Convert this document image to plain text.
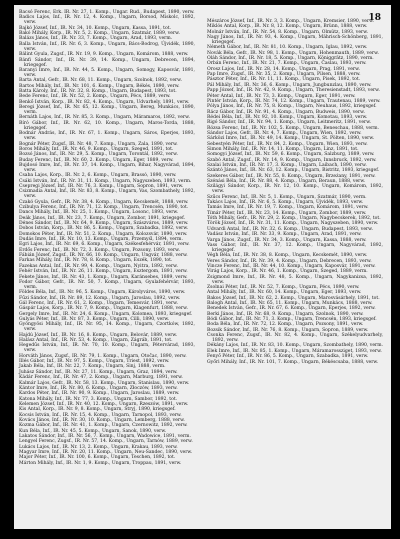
18
Bacsó Ferenc, Erk. IR. Nr. 27, 1. Komp., Ungar. Rud., Budapest, 1890, verw.
Badics Lajos, Inf., IR. Nr. 12, 4. Komp., Ungarn, Borsod, Miskolc, 1892, verw.
Bajkó József, Inf., IR. Nr. 34, 10. Komp., Ungarn, Kassa, 1891, tot.
Bakó Mihály, Korp., IR. Nr. 5, 2. Komp., Ungarn, Szatmár, 1889, verw.
Balázs János, Inf., IR. Nr. 33, 7. Komp., Ungarn, Arad, 1893, verm.
Balla István, Inf., IR. Nr. 6, 3. Komp., Ungarn, Bács-Bodrog, Újvidék, 1890, verw.
Bálint Gyula, Zugsf., IR. Nr. 19, 9. Komp., Ungarn, Komárom, 1888, verw.
Bánfi Sándor, Inf., IR. Nr. 39, 14. Komp., Ungarn, Debrecen, 1894, kriegsgef.
Baranyi Imre, Inf., IR. Nr. 44, 5. Komp., Ungarn, Somogy, Kaposvár, 1891, verw.
Barta Antal, Gefr., IR. Nr. 68, 11. Komp., Ungarn, Szolnok, 1892, verw.
Bartos Mihály, Inf., IR. Nr. 101, 6. Komp., Ungarn, Békés, 1890, verw.
Batta Károly, Inf., IR. Nr. 32, 8. Komp., Ungarn, Budapest, 1893, tot.
Bede Ferenc, Inf., IR. Nr. 52, 2. Komp., Ungarn, Pécs, 1889, verw.
Benkő István, Korp., IR. Nr. 82, 4. Komp., Ungarn, Udvarhely, 1891, verw.
Beregi József, Inf., IR. Nr. 65, 12. Komp., Ungarn, Bereg, Munkács, 1890, verm.
Bernáth Lajos, Inf., IR. Nr. 85, 3. Komp., Ungarn, Máramaros, 1892, verw.
Bíró Gábor, Inf., IR. Nr. 62, 10. Komp., Ungarn, Maros-Torda, 1888, kriegsgef.
Bodnár András, Inf., IR. Nr. 67, 1. Komp., Ungarn, Sáros, Eperjes, 1893, verw.
Bognár Péter, Zugsf., IR. Nr. 48, 7. Komp., Ungarn, Zala, 1890, verw.
Boros Mihály, Inf., IR. Nr. 46, 9. Komp., Ungarn, Szeged, 1891, tot.
Bozsó János, Inf., IR. Nr. 29, 5. Komp., Ungarn, Torontál, 1892, verw.
Buday Ferenc, Inf., IR. Nr. 60, 2. Komp., Ungarn, Eger, 1889, verw.
Bujdosó Imre, Inf., IR. Nr. 37, 14. Komp., Ungarn, Bihar, Nagyvárad, 1894, verw.
Csaba Lajos, Korp., IR. Nr. 2, 6. Komp., Ungarn, Brassó, 1890, verw.
Csáki István, Inf., IR. Nr. 31, 11. Komp., Ungarn, Nagyszeben, 1893, verm.
Csepregi József, Inf., IR. Nr. 76, 3. Komp., Ungarn, Sopron, 1891, verw.
Csizmadia Antal, Inf., IR. Nr. 83, 8. Komp., Ungarn, Vas, Szombathely, 1892, verw.
Czakó Gyula, Gefr., IR. Nr. 38, 4. Komp., Ungarn, Kecskemét, 1888, verw.
Czibulya Ferenc, Inf., IR. Nr. 71, 12. Komp., Ungarn, Trencsén, 1890, tot.
Dancs Mihály, Inf., IR. Nr. 25, 1. Komp., Ungarn, Losonc, 1893, verw.
Deák János, Inf., IR. Nr. 23, 7. Komp., Ungarn, Zombor, 1891, kriegsgef.
Dénes Sándor, Inf., IR. Nr. 64, 9. Komp., Ungarn, Szászváros, 1889, verw.
Dobos István, Korp., IR. Nr. 86, 5. Komp., Ungarn, Szabadka, 1892, verw.
Domokos Péter, Inf., IR. Nr. 51, 2. Komp., Ungarn, Kolozsvár, 1890, verw.
Dudás Imre, Inf., IR. Nr. 10, 13. Komp., Ungarn, Przemyśl, 1894, verm.
Egri Lajos, Inf., IR. Nr. 69, 6. Komp., Ungarn, Székesfehérvár, 1891, verw.
Erdős Ferenc, Inf., IR. Nr. 72, 3. Komp., Ungarn, Pozsony, 1893, verw.
Fábián József, Zugsf., IR. Nr. 66, 10. Komp., Ungarn, Ungvár, 1888, verw.
Farkas Mihály, Inf., IR. Nr. 78, 8. Komp., Ungarn, Eszék, 1890, tot.
Fazekas Antal, Inf., IR. Nr. 99, 4. Komp., Ungarn, Nyitra, 1892, verw.
Fehér István, Inf., IR. Nr. 26, 11. Komp., Ungarn, Esztergom, 1891, verw.
Fekete János, Inf., IR. Nr. 43, 1. Komp., Ungarn, Karánsebes, 1889, verw.
Fodor Gábor, Gefr., IR. Nr. 50, 7. Komp., Ungarn, Gyulafehérvár, 1893, verm.
Földes Béla, Inf., IR. Nr. 96, 5. Komp., Ungarn, Károlyváros, 1890, verw.
Fűzi Sándor, Inf., IR. Nr. 89, 12. Komp., Ungarn, Jaroslau, 1892, verw.
Gál Ferenc, Inf., IR. Nr. 61, 2. Komp., Ungarn, Temesvár, 1891, verw.
Gáspár Lajos, Korp., IR. Nr. 7, 9. Komp., Ungarn, Klagenfurt, 1888, verw.
Gergely Imre, Inf., IR. Nr. 24, 6. Komp., Ungarn, Kolomea, 1893, kriegsgef.
Gulyás Péter, Inf., IR. Nr. 87, 3. Komp., Ungarn, Cilli, 1890, verw.
Gyöngyösi Mihály, Inf., IR. Nr. 95, 14. Komp., Ungarn, Czortków, 1892, verw.
Hajdú József, Inf., IR. Nr. 16, 8. Komp., Ungarn, Belovár, 1889, verw.
Halász Antal, Inf., IR. Nr. 53, 4. Komp., Ungarn, Zágráb, 1891, tot.
Hegedűs István, Inf., IR. Nr. 70, 10. Komp., Ungarn, Pétervárad, 1893, verw.
Horváth János, Zugsf., IR. Nr. 79, 1. Komp., Ungarn, Otočac, 1890, verw.
Illés Gábor, Inf., IR. Nr. 97, 5. Komp., Ungarn, Triest, 1892, verw.
Jakab Béla, Inf., IR. Nr. 22, 7. Komp., Ungarn, Sinj, 1888, verm.
Juhász Sándor, Inf., IR. Nr. 27, 11. Komp., Ungarn, Graz, 1894, verw.
Kádár Ferenc, Inf., IR. Nr. 47, 2. Komp., Ungarn, Marburg, 1891, verw.
Kalmár Lajos, Gefr., IR. Nr. 58, 13. Komp., Ungarn, Stanislau, 1890, verw.
Kántor Imre, Inf., IR. Nr. 80, 6. Komp., Ungarn, Złoczów, 1893, verw.
Kardos Péter, Inf., IR. Nr. 90, 9. Komp., Ungarn, Jaroslau, 1889, verw.
Katona Mihály, Inf., IR. Nr. 77, 3. Komp., Ungarn, Sambor, 1892, tot.
Kelemen József, Inf., IR. Nr. 40, 12. Komp., Ungarn, Rzeszów, 1891, verw.
Kis Antal, Korp., IR. Nr. 9, 8. Komp., Ungarn, Stryj, 1890, kriegsgef.
Kocsis István, Inf., IR. Nr. 15, 4. Komp., Ungarn, Tarnopol, 1893, verw.
Kovács János, Inf., IR. Nr. 30, 10. Komp., Ungarn, Lemberg, 1888, verw.
Kozma Gábor, Inf., IR. Nr. 41, 1. Komp., Ungarn, Czernowitz, 1892, verw.
Kun Béla, Inf., IR. Nr. 45, 5. Komp., Ungarn, Sanok, 1890, verw.
Lakatos Sándor, Inf., IR. Nr. 56, 7. Komp., Ungarn, Wadowice, 1891, verm.
Lengyel Ferenc, Zugsf., IR. Nr. 57, 14. Komp., Ungarn, Tarnów, 1889, verw.
Lukács Lajos, Inf., IR. Nr. 13, 2. Komp., Ungarn, Krakau, 1893, verw.
Magyar Imre, Inf., IR. Nr. 20, 11. Komp., Ungarn, Neu-Sandec, 1890, verw.
Major Péter, Inf., IR. Nr. 100, 6. Komp., Ungarn, Teschen, 1892, tot.
Márton Mihály, Inf., IR. Nr. 1, 9. Komp., Ungarn, Troppau, 1891, verw.
Mészáros József, Inf., IR. Nr. 3, 3. Komp., Ungarn, Kremsier, 1890, verw.
Miklós Antal, Korp., IR. Nr. 8, 12. Komp., Ungarn, Brünn, 1888, verw.
Molnár István, Inf., IR. Nr. 54, 8. Komp., Ungarn, Olmütz, 1893, verw.
Nagy János, Inf., IR. Nr. 93, 4. Komp., Ungarn, Mährisch-Schönberg, 1891, kriegsgef.
Németh Gábor, Inf., IR. Nr. 81, 10. Komp., Ungarn, Iglau, 1892, verw.
Novák Béla, Gefr., IR. Nr. 98, 1. Komp., Ungarn, Hohenmauth, 1889, verw.
Oláh Sándor, Inf., IR. Nr. 18, 5. Komp., Ungarn, Königgrätz, 1890, verm.
Orbán Ferenc, Inf., IR. Nr. 21, 7. Komp., Ungarn, Časlau, 1893, verw.
Orosz Lajos, Inf., IR. Nr. 28, 14. Komp., Ungarn, Prag, 1891, verw.
Pap Imre, Zugsf., IR. Nr. 35, 2. Komp., Ungarn, Pilsen, 1888, verw.
Pásztor Péter, Inf., IR. Nr. 11, 11. Komp., Ungarn, Pisek, 1892, tot.
Pál Mihály, Inf., IR. Nr. 36, 6. Komp., Ungarn, Jungbunzlau, 1890, verw.
Papp József, Inf., IR. Nr. 42, 9. Komp., Ungarn, Theresienstadt, 1893, verw.
Péter Antal, Inf., IR. Nr. 73, 3. Komp., Ungarn, Eger, 1891, verw.
Pintér István, Korp., IR. Nr. 74, 12. Komp., Ungarn, Trautenau, 1889, verw.
Pólya János, Inf., IR. Nr. 75, 8. Komp., Ungarn, Neuhaus, 1892, kriegsgef.
Rácz Gábor, Inf., IR. Nr. 91, 4. Komp., Ungarn, Budweis, 1890, verw.
Rédei Béla, Inf., IR. Nr. 92, 10. Komp., Ungarn, Komotau, 1893, verw.
Rigó Sándor, Inf., IR. Nr. 94, 1. Komp., Ungarn, Leitmeritz, 1891, verw.
Rózsa Ferenc, Inf., IR. Nr. 102, 5. Komp., Ungarn, Beneschau, 1888, verm.
Sándor Lajos, Gefr., IR. Nr. 4, 7. Komp., Ungarn, Wien, 1892, verw.
Sárközi Imre, Inf., IR. Nr. 49, 14. Komp., Ungarn, St. Pölten, 1890, verw.
Sebestyén Péter, Inf., IR. Nr. 84, 2. Komp., Ungarn, Wien, 1893, verw.
Simon Mihály, Inf., IR. Nr. 14, 11. Komp., Ungarn, Linz, 1891, tot.
Somogyi József, Inf., IR. Nr. 59, 6. Komp., Ungarn, Salzburg, 1889, verw.
Szabó Antal, Zugsf., IR. Nr. 14, 9. Komp., Ungarn, Innsbruck, 1892, verw.
Szalai István, Inf., IR. Nr. 17, 3. Komp., Ungarn, Laibach, 1890, verw.
Szántó János, Inf., IR. Nr. 63, 12. Komp., Ungarn, Bistritz, 1893, kriegsgef.
Szekeres Gábor, Inf., IR. Nr. 55, 8. Komp., Ungarn, Brzeżany, 1891, verw.
Szénási Béla, Inf., IR. Nr. 88, 4. Komp., Ungarn, Beraun, 1888, verw.
Szilágyi Sándor, Korp., IR. Nr. 12, 10. Komp., Ungarn, Komárom, 1892, verw.
Szűcs Ferenc, Inf., IR. Nr. 5, 1. Komp., Ungarn, Szatmár, 1890, verm.
Takács Lajos, Inf., IR. Nr. 6, 5. Komp., Ungarn, Újvidék, 1893, verw.
Tamás Imre, Inf., IR. Nr. 19, 7. Komp., Ungarn, Komárom, 1891, verw.
Tímár Péter, Inf., IR. Nr. 23, 14. Komp., Ungarn, Zombor, 1889, verw.
Tóth Mihály, Gefr., IR. Nr. 29, 2. Komp., Ungarn, Nagybecskerek, 1892, tot.
Török József, Inf., IR. Nr. 31, 11. Komp., Ungarn, Nagyszeben, 1890, verw.
Udvardi Antal, Inf., IR. Nr. 32, 6. Komp., Ungarn, Budapest, 1893, verw.
Vadász István, Inf., IR. Nr. 33, 9. Komp., Ungarn, Arad, 1891, verw.
Varga János, Zugsf., IR. Nr. 34, 3. Komp., Ungarn, Kassa, 1888, verw.
Vass Gábor, Inf., IR. Nr. 37, 12. Komp., Ungarn, Nagyvárad, 1892, kriegsgef.
Végh Béla, Inf., IR. Nr. 38, 8. Komp., Ungarn, Kecskemét, 1890, verw.
Veres Sándor, Inf., IR. Nr. 39, 4. Komp., Ungarn, Debrecen, 1893, verw.
Vincze Ferenc, Inf., IR. Nr. 44, 10. Komp., Ungarn, Kaposvár, 1891, verw.
Virág Lajos, Korp., IR. Nr. 46, 1. Komp., Ungarn, Szeged, 1889, verm.
Zsigmond Imre, Inf., IR. Nr. 48, 5. Komp., Ungarn, Nagykanizsa, 1892, verw.
Zsolnai Péter, Inf., IR. Nr. 52, 7. Komp., Ungarn, Pécs, 1890, verw.
Antal Mihály, Inf., IR. Nr. 60, 14. Komp., Ungarn, Eger, 1893, verw.
Bakos József, Inf., IR. Nr. 62, 2. Komp., Ungarn, Marosvásárhely, 1891, tot.
Balogh Antal, Inf., IR. Nr. 65, 11. Komp., Ungarn, Munkács, 1888, verw.
Benedek István, Gefr., IR. Nr. 67, 6. Komp., Ungarn, Eperjes, 1892, verw.
Berki János, Inf., IR. Nr. 68, 9. Komp., Ungarn, Szolnok, 1890, verw.
Bódi Gábor, Inf., IR. Nr. 71, 3. Komp., Ungarn, Trencsén, 1893, kriegsgef.
Boda Béla, Inf., IR. Nr. 72, 12. Komp., Ungarn, Pozsony, 1891, verw.
Bozsik Sándor, Inf., IR. Nr. 76, 8. Komp., Ungarn, Sopron, 1889, verw.
Csonka Ferenc, Zugsf., IR. Nr. 82, 4. Komp., Ungarn, Székelyudvarhely, 1892, verw.
Dékány Lajos, Inf., IR. Nr. 83, 10. Komp., Ungarn, Szombathely, 1890, verm.
Elek Imre, Inf., IR. Nr. 85, 1. Komp., Ungarn, Máramarossziget, 1893, verw.
Fenyő Péter, Inf., IR. Nr. 86, 5. Komp., Ungarn, Szabadka, 1891, verw.
Győri Mihály, Inf., IR. Nr. 101, 7. Komp., Ungarn, Békéscsaba, 1888, verw.
